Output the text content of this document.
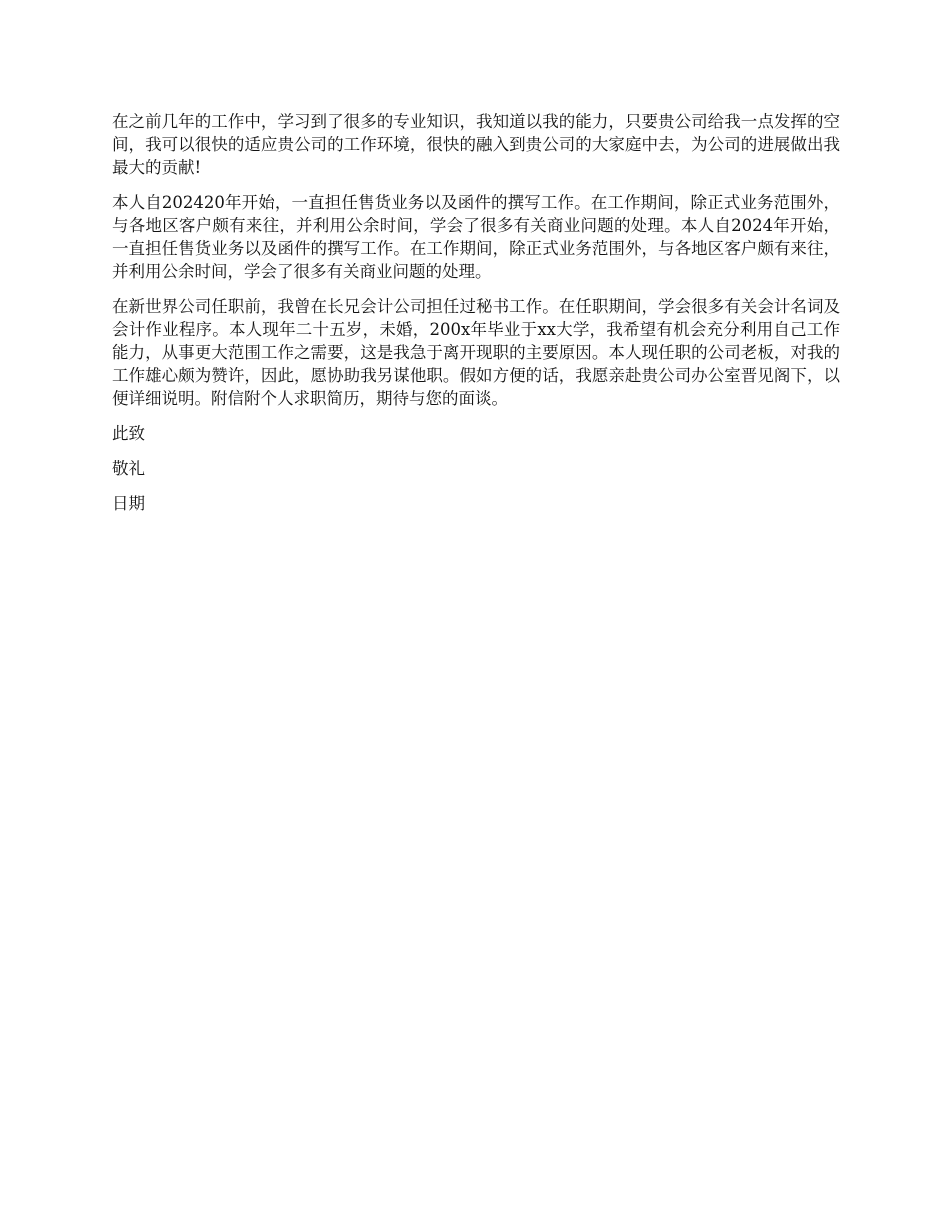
在之前几年的工作中，学习到了很多的专业知识，我知道以我的能力，只要贵公司给我一点发挥的空间，我可以很快的适应贵公司的工作环境，很快的融入到贵公司的大家庭中去，为公司的进展做出我最大的贡献!

本人自202420年开始，一直担任售货业务以及函件的撰写工作。在工作期间，除正式业务范围外，与各地区客户颇有来往，并利用公余时间，学会了很多有关商业问题的处理。本人自2024年开始，一直担任售货业务以及函件的撰写工作。在工作期间，除正式业务范围外，与各地区客户颇有来往，并利用公余时间，学会了很多有关商业问题的处理。

在新世界公司任职前，我曾在长兄会计公司担任过秘书工作。在任职期间，学会很多有关会计名词及会计作业程序。本人现年二十五岁，未婚，200x年毕业于xx大学，我希望有机会充分利用自己工作能力，从事更大范围工作之需要，这是我急于离开现职的主要原因。本人现任职的公司老板，对我的工作雄心颇为赞许，因此，愿协助我另谋他职。假如方便的话，我愿亲赴贵公司办公室晋见阁下，以便详细说明。附信附个人求职简历，期待与您的面谈。

此致

敬礼

日期
